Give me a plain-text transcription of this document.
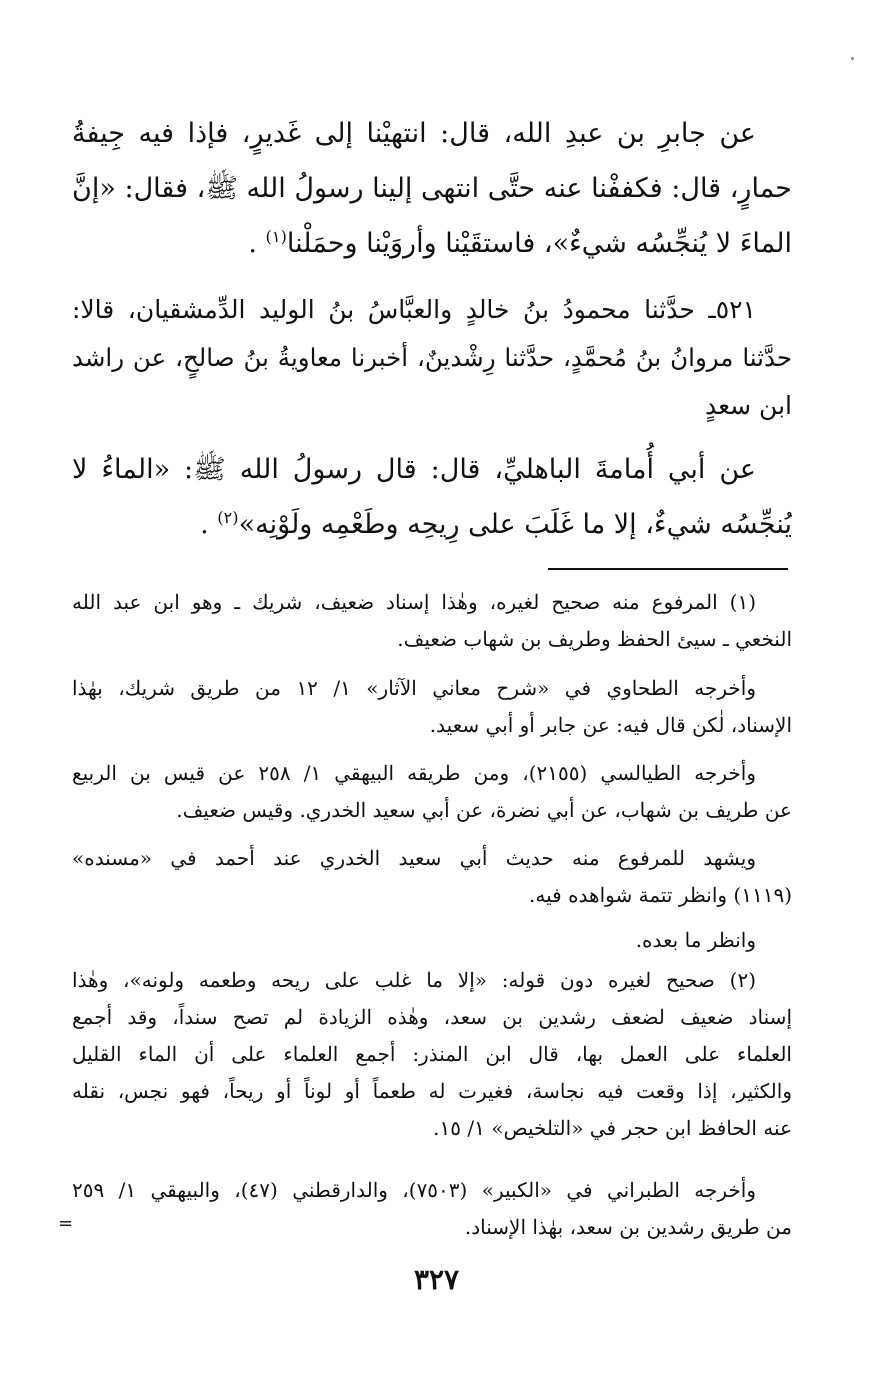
عن جابرِ بن عبدِ الله، قال: انتهيْنا إلى غَديرٍ، فإذا فيه جِيفةُ
حمارٍ، قال: فكففْنا عنه حتَّى انتهى إلينا رسولُ الله ﷺ، فقال: «إنَّ
الماءَ لا يُنجِّسُه شيءٌ»، فاستقَيْنا وأروَيْنا وحمَلْنا$^{(١)}$ .
٥٢١ـ حدَّثنا محمودُ بنُ خالدٍ والعبَّاسُ بنُ الوليد الدِّمشقيان، قالا:
حدَّثنا مروانُ بنُ مُحمَّدٍ، حدَّثنا رِشْدينٌ، أخبرنا معاويةُ بنُ صالحٍ، عن راشد
ابن سعدٍ
عن أبي أُمامةَ الباهليِّ، قال: قال رسولُ الله ﷺ: «الماءُ لا
يُنجِّسُه شيءٌ، إلا ما غَلَبَ على رِيحِه وطَعْمِه ولَوْنِه»$^{(٢)}$ .
(١) المرفوع منه صحيح لغيره، وهٰذا إسناد ضعيف، شريك ـ وهو ابن عبد الله
النخعي ـ سيئ الحفظ وطريف بن شهاب ضعيف.
وأخرجه الطحاوي في «شرح معاني الآثار» ١/ ١٢ من طريق شريك، بهٰذا
الإسناد، لٰكن قال فيه: عن جابر أو أبي سعيد.
وأخرجه الطيالسي (٢١٥٥)، ومن طريقه البيهقي ١/ ٢٥٨ عن قيس بن الربيع
عن طريف بن شهاب، عن أبي نضرة، عن أبي سعيد الخدري. وقيس ضعيف.
ويشهد للمرفوع منه حديث أبي سعيد الخدري عند أحمد في «مسنده»
(١١١٩) وانظر تتمة شواهده فيه.
وانظر ما بعده.
(٢) صحيح لغيره دون قوله: «إلا ما غلب على ريحه وطعمه ولونه»، وهٰذا
إسناد ضعيف لضعف رشدين بن سعد، وهٰذه الزيادة لم تصح سنداً، وقد أجمع
العلماء على العمل بها، قال ابن المنذر: أجمع العلماء على أن الماء القليل
والكثير، إذا وقعت فيه نجاسة، فغيرت له طعماً أو لوناً أو ريحاً، فهو نجس، نقله
عنه الحافظ ابن حجر في «التلخيص» ١/ ١٥.
وأخرجه الطبراني في «الكبير» (٧٥٠٣)، والدارقطني (٤٧)، والبيهقي ١/ ٢٥٩
من طريق رشدين بن سعد، بهٰذا الإسناد.
=
٣٢٧
